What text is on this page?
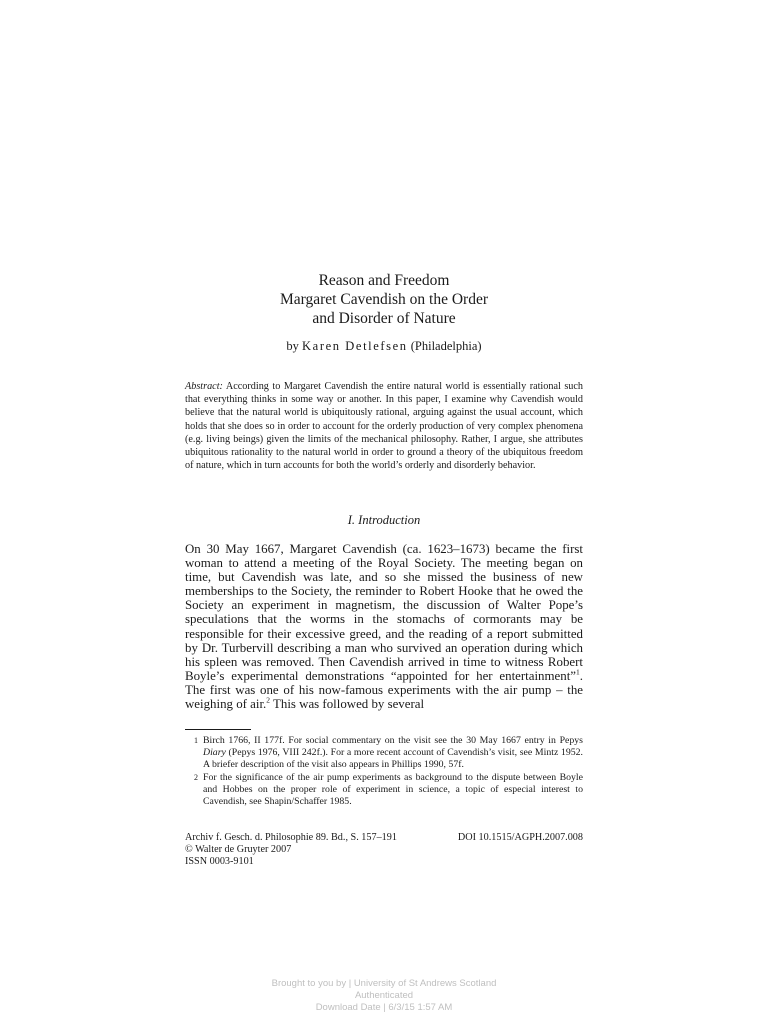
Reason and Freedom
Margaret Cavendish on the Order
and Disorder of Nature
by Karen Detlefsen (Philadelphia)
Abstract: According to Margaret Cavendish the entire natural world is essentially rational such that everything thinks in some way or another. In this paper, I examine why Cavendish would believe that the natural world is ubiquitously rational, arguing against the usual account, which holds that she does so in order to account for the orderly production of very complex phenomena (e.g. living beings) given the limits of the mechanical philosophy. Rather, I argue, she attributes ubiquitous rationality to the natural world in order to ground a theory of the ubiquitous freedom of nature, which in turn accounts for both the world’s orderly and disorderly behavior.
I. Introduction
On 30 May 1667, Margaret Cavendish (ca. 1623–1673) became the first woman to attend a meeting of the Royal Society. The meeting began on time, but Cavendish was late, and so she missed the business of new memberships to the Society, the reminder to Robert Hooke that he owed the Society an experiment in magnetism, the discussion of Walter Pope’s speculations that the worms in the stomachs of cormorants may be responsible for their excessive greed, and the reading of a report submitted by Dr. Turbervill describing a man who survived an operation during which his spleen was removed. Then Cavendish arrived in time to witness Robert Boyle’s experimental demonstrations “appointed for her entertainment”$^1$. The first was one of his now-famous experiments with the air pump – the weighing of air.$^2$ This was followed by several
1 Birch 1766, II 177f. For social commentary on the visit see the 30 May 1667 entry in Pepys Diary (Pepys 1976, VIII 242f.). For a more recent account of Cavendish’s visit, see Mintz 1952. A briefer description of the visit also appears in Phillips 1990, 57f.
2 For the significance of the air pump experiments as background to the dispute between Boyle and Hobbes on the proper role of experiment in science, a topic of especial interest to Cavendish, see Shapin/Schaffer 1985.
Archiv f. Gesch. d. Philosophie 89. Bd., S. 157–191	DOI 10.1515/AGPH.2007.008
© Walter de Gruyter 2007
ISSN 0003-9101
Brought to you by | University of St Andrews Scotland
Authenticated
Download Date | 6/3/15 1:57 AM
